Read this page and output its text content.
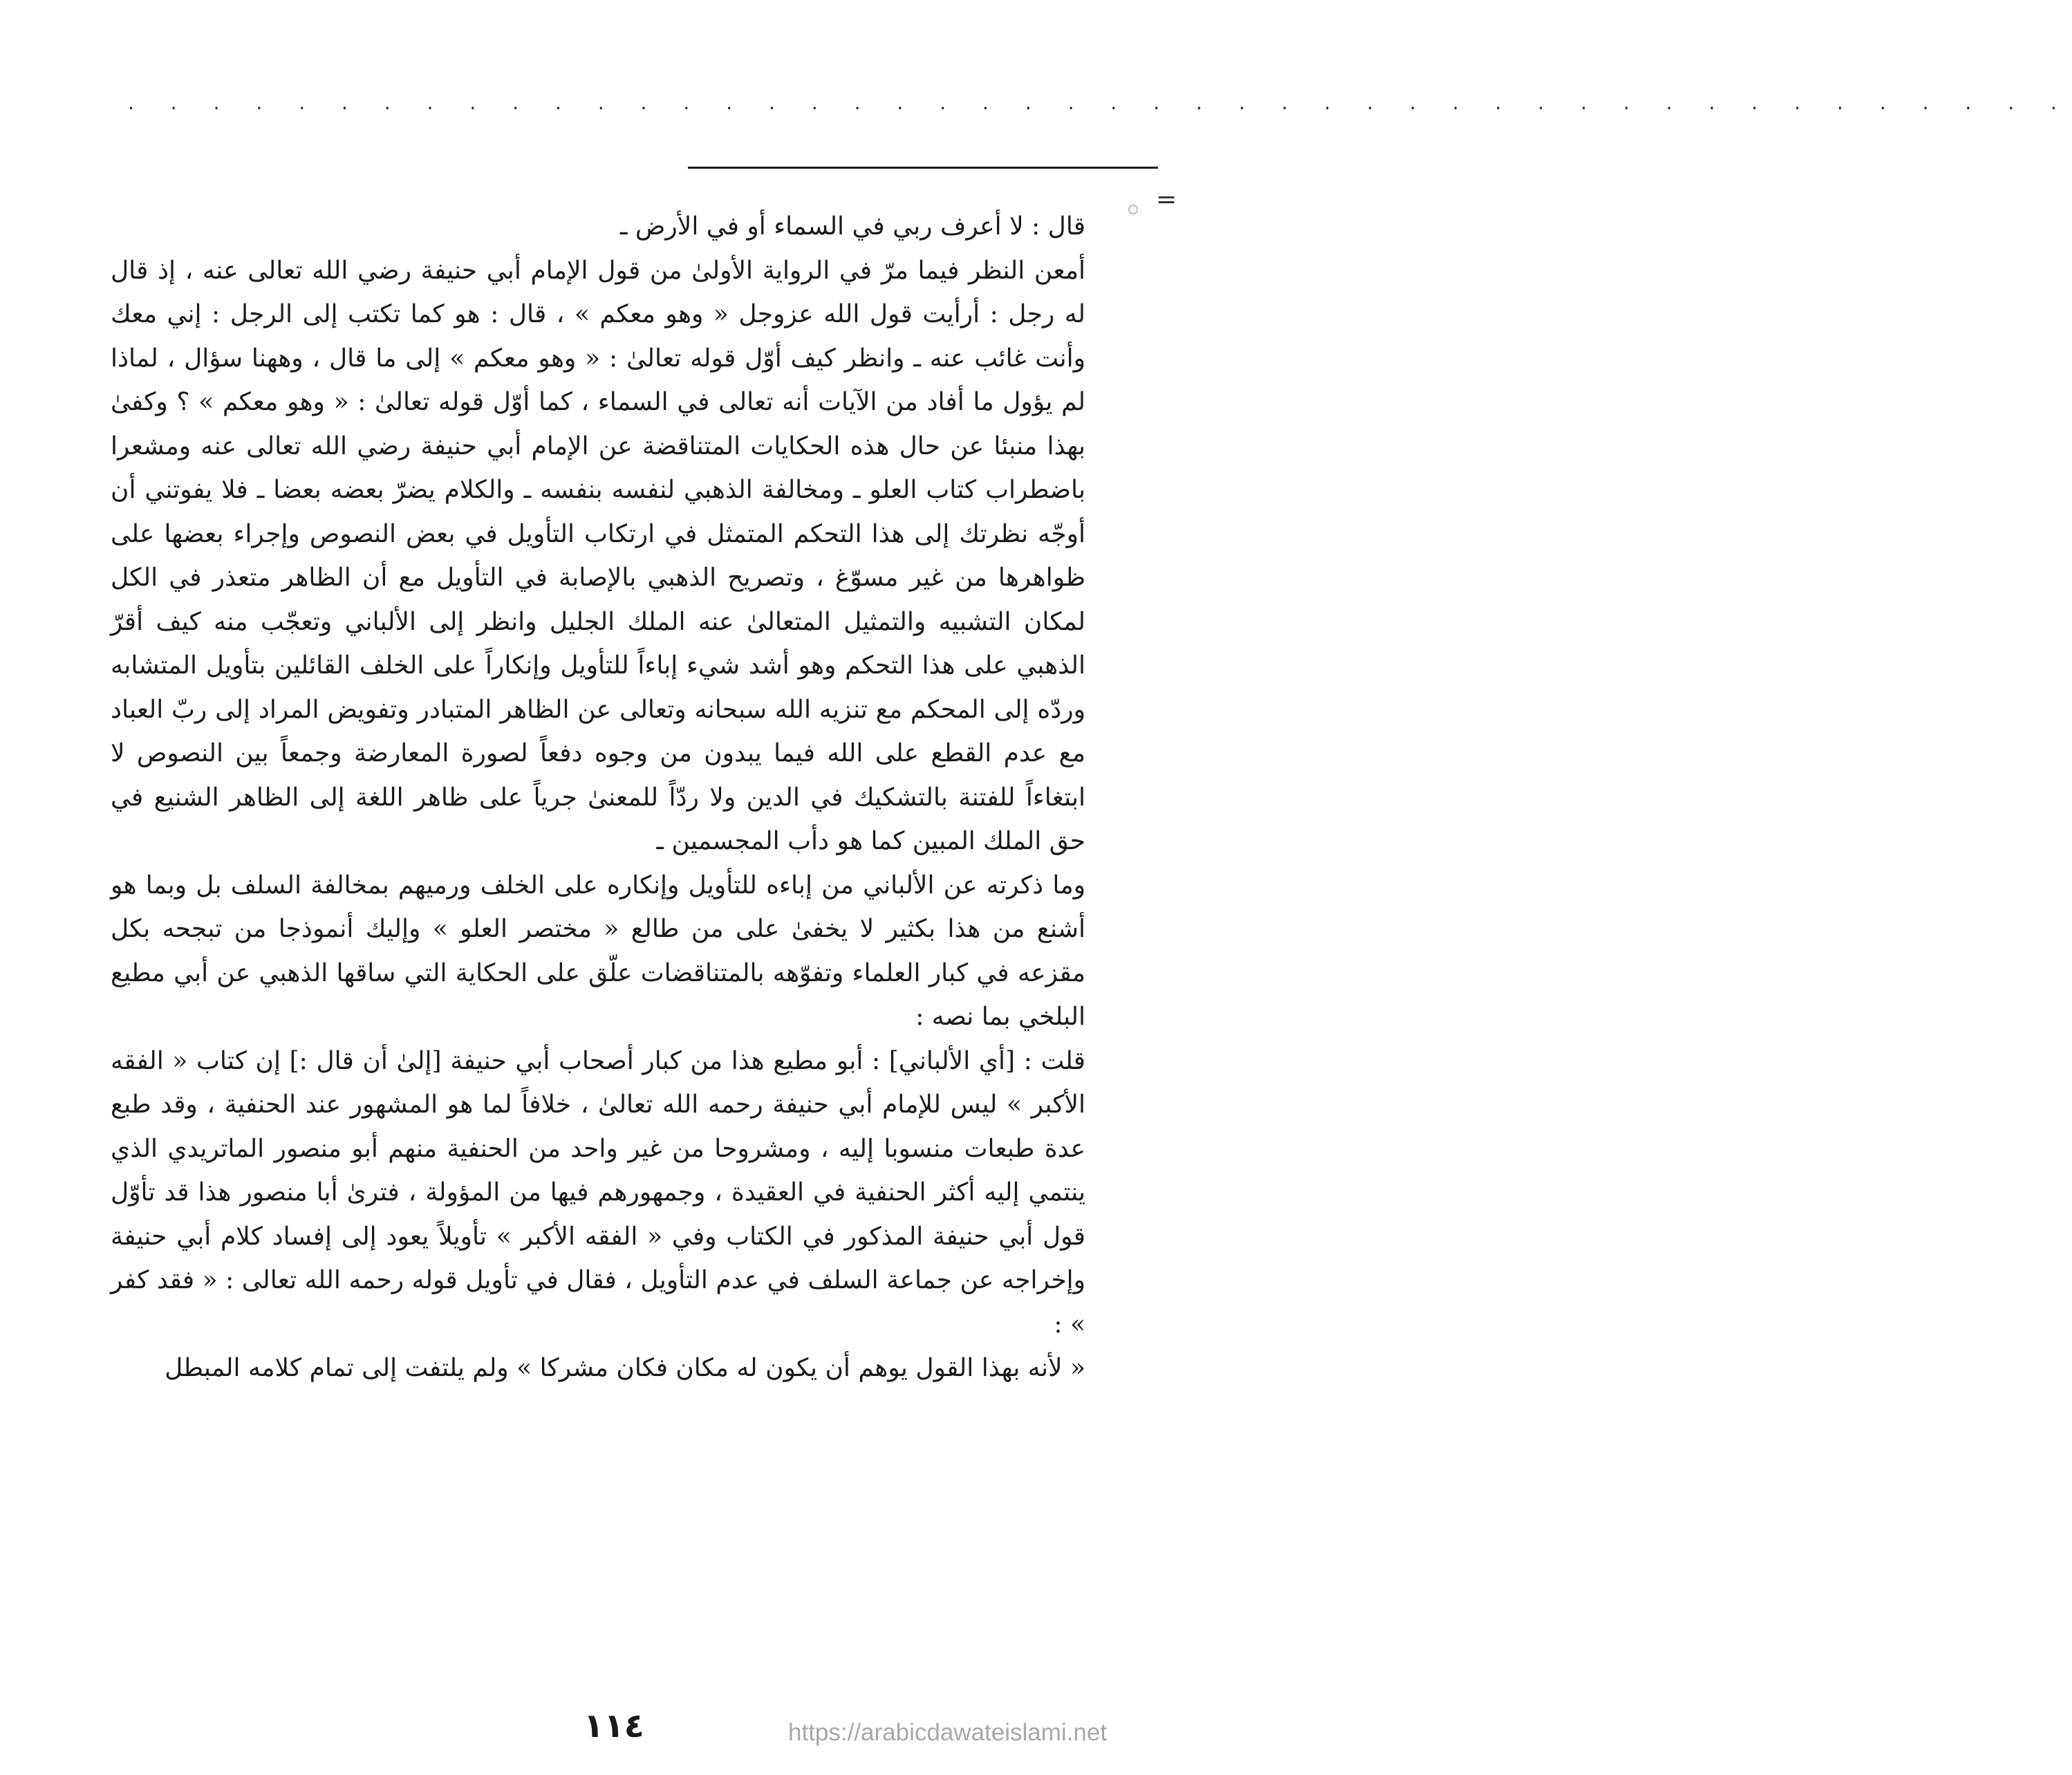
· · · · · · · · · · · · · · · · · · · · · · · · · · · · · · · · · · · · · · · · · · · · · ·
=

قال : لا أعرف ربي في السماء أو في الأرض ـ

أمعن النظر فيما مرّ في الرواية الأولىٰ من قول الإمام أبي حنيفة رضي الله تعالى عنه ، إذ قال له رجل : أرأيت قول الله عزوجل « وهو معكم » ، قال : هو كما تكتب إلى الرجل : إني معك وأنت غائب عنه ـ وانظر كيف أوّل قوله تعالىٰ : « وهو معكم » إلى ما قال ، وههنا سؤال ، لماذا لم يؤول ما أفاد من الآيات أنه تعالى في السماء ، كما أوّل قوله تعالىٰ : « وهو معكم » ؟ وكفىٰ بهذا منبئا عن حال هذه الحكايات المتناقضة عن الإمام أبي حنيفة رضي الله تعالى عنه ومشعرا باضطراب كتاب العلو ـ ومخالفة الذهبي لنفسه بنفسه ـ والكلام يضرّ بعضه بعضا ـ فلا يفوتني أن أوجّه نظرتك إلى هذا التحكم المتمثل في ارتكاب التأويل في بعض النصوص وإجراء بعضها على ظواهرها من غير مسوّغ ، وتصريح الذهبي بالإصابة في التأويل مع أن الظاهر متعذر في الكل لمكان التشبيه والتمثيل المتعالىٰ عنه الملك الجليل وانظر إلى الألباني وتعجّب منه كيف أقرّ الذهبي على هذا التحكم وهو أشد شيء إباءاً للتأويل وإنكاراً على الخلف القائلين بتأويل المتشابه وردّه إلى المحكم مع تنزيه الله سبحانه وتعالى عن الظاهر المتبادر وتفويض المراد إلى ربّ العباد مع عدم القطع على الله فيما يبدون من وجوه دفعاً لصورة المعارضة وجمعاً بين النصوص لا ابتغاءاً للفتنة بالتشكيك في الدين ولا ردّاً للمعنىٰ جرياً على ظاهر اللغة إلى الظاهر الشنيع في حق الملك المبين كما هو دأب المجسمين ـ

وما ذكرته عن الألباني من إباءه للتأويل وإنكاره على الخلف ورميهم بمخالفة السلف بل وبما هو أشنع من هذا بكثير لا يخفىٰ على من طالع « مختصر العلو » وإليك أنموذجا من تبجحه بكل مقزعه في كبار العلماء وتفوّهه بالمتناقضات علّق على الحكاية التي ساقها الذهبي عن أبي مطيع البلخي بما نصه :

قلت : [أي الألباني] : أبو مطيع هذا من كبار أصحاب أبي حنيفة [إلىٰ أن قال :] إن كتاب « الفقه الأكبر » ليس للإمام أبي حنيفة رحمه الله تعالىٰ ، خلافاً لما هو المشهور عند الحنفية ، وقد طبع عدة طبعات منسوبا إليه ، ومشروحا من غير واحد من الحنفية منهم أبو منصور الماتريدي الذي ينتمي إليه أكثر الحنفية في العقيدة ، وجمهورهم فيها من المؤولة ، فترىٰ أبا منصور هذا قد تأوّل قول أبي حنيفة المذكور في الكتاب وفي « الفقه الأكبر » تأويلاً يعود إلى إفساد كلام أبي حنيفة وإخراجه عن جماعة السلف في عدم التأويل ، فقال في تأويل قوله رحمه الله تعالى : « فقد كفر » :

« لأنه بهذا القول يوهم أن يكون له مكان فكان مشركا » ولم يلتفت إلى تمام كلامه المبطل

١١٤	https://arabicdawateislami.net
